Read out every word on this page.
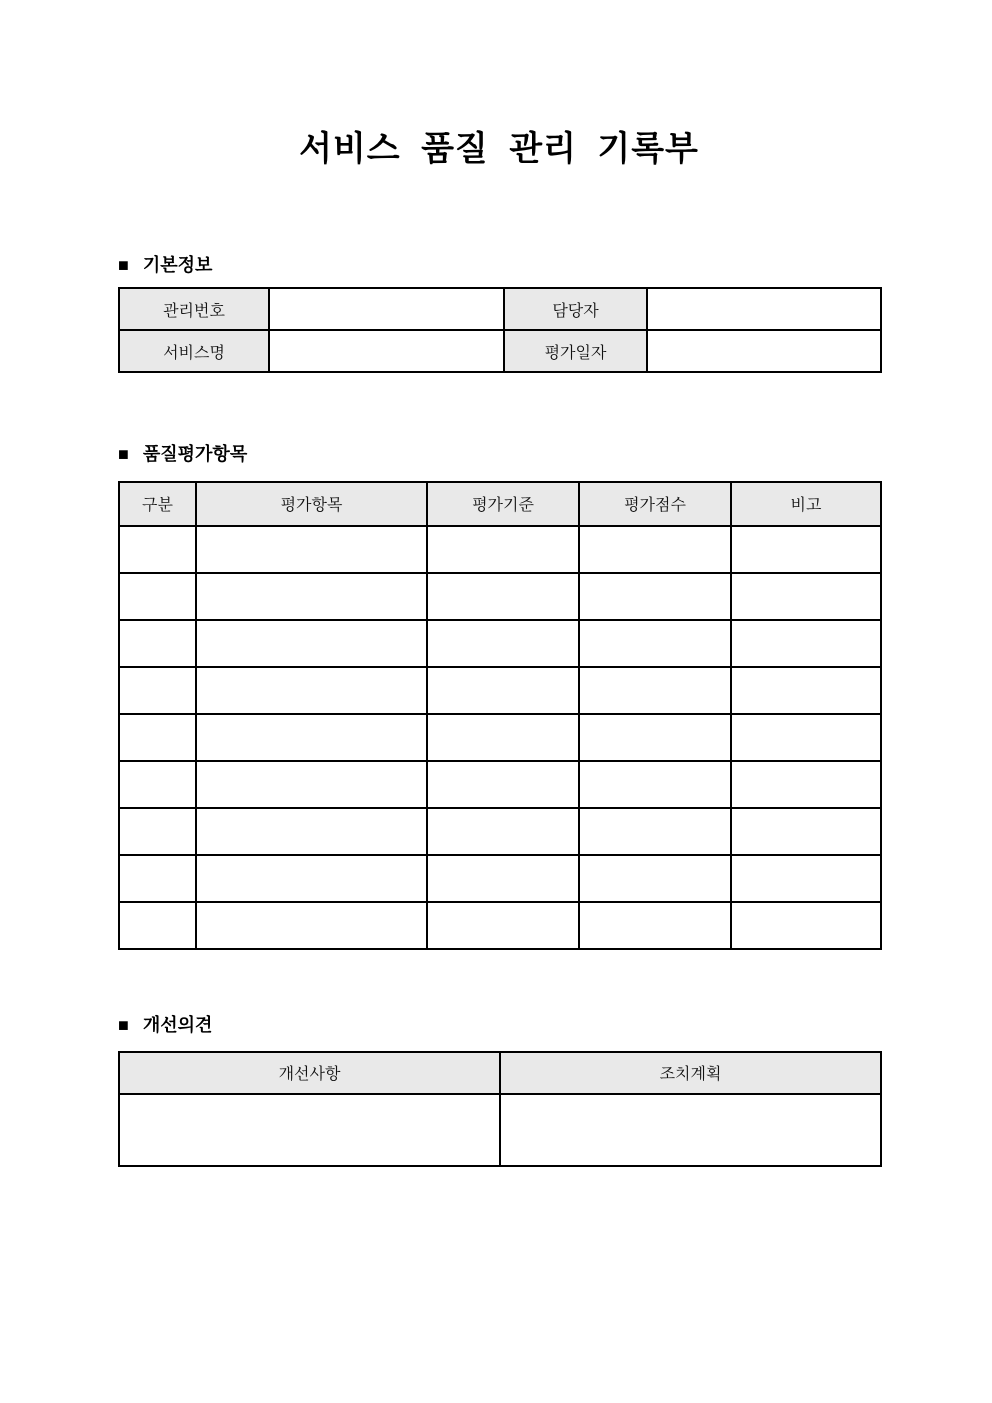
서비스 품질 관리 기록부
■ 기본정보
관리번호		담당자	
서비스명		평가일자	
■ 품질평가항목
구분	평가항목	평가기준	평가점수	비고

■ 개선의견
개선사항	조치계획
